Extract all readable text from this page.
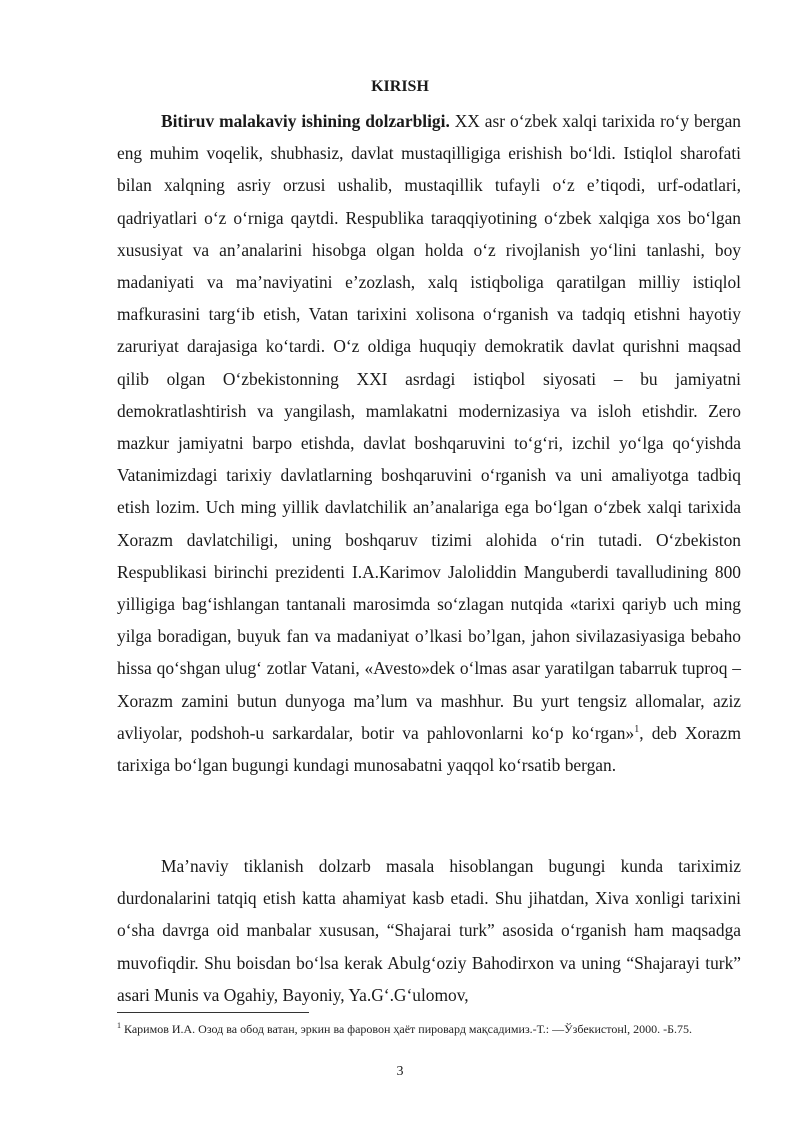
KIRISH

Bitiruv malakaviy ishining dolzarbligi. XX asr oʻzbek xalqi tarixida roʻy bergan eng muhim voqelik, shubhasiz, davlat mustaqilligiga erishish boʻldi. Istiqlol sharofati bilan xalqning asriy orzusi ushalib, mustaqillik tufayli oʻz eʼtiqodi, urf-odatlari, qadriyatlari oʻz oʻrniga qaytdi. Respublika taraqqiyotining oʻzbek xalqiga xos boʻlgan xususiyat va anʼanalarini hisobga olgan holda oʻz rivojlanish yoʻlini tanlashi, boy madaniyati va maʼnaviyatini eʼzozlash, xalq istiqboliga qaratilgan milliy istiqlol mafkurasini targʻib etish, Vatan tarixini xolisona oʻrganish va tadqiq etishni hayotiy zaruriyat darajasiga koʻtardi. Oʻz oldiga huquqiy demokratik davlat qurishni maqsad qilib olgan Oʻzbekistonning XXI asrdagi istiqbol siyosati – bu jamiyatni demokratlashtirish va yangilash, mamlakatni modernizasiya va isloh etishdir. Zero mazkur jamiyatni barpo etishda, davlat boshqaruvini toʻgʻri, izchil yoʻlga qoʻyishda Vatanimizdagi tarixiy davlatlarning boshqaruvini oʻrganish va uni amaliyotga tadbiq etish lozim. Uch ming yillik davlatchilik anʼanalariga ega boʻlgan oʻzbek xalqi tarixida Xorazm davlatchiligi, uning boshqaruv tizimi alohida oʻrin tutadi. Oʻzbekiston Respublikasi birinchi prezidenti I.A.Karimov Jaloliddin Manguberdi tavalludining 800 yilligiga bagʻishlangan tantanali marosimda soʻzlagan nutqida «tarixi qariyb uch ming yilga boradigan, buyuk fan va madaniyat oʼlkasi boʼlgan, jahon sivilazasiyasiga bebaho hissa qoʻshgan ulugʻ zotlar Vatani, «Avesto»dek oʻlmas asar yaratilgan tabarruk tuproq – Xorazm zamini butun dunyoga maʼlum va mashhur. Bu yurt tengsiz allomalar, aziz avliyolar, podshoh-u sarkardalar, botir va pahlovonlarni koʻp koʻrgan»$^1$, deb Xorazm tarixiga boʻlgan bugungi kundagi munosabatni yaqqol koʻrsatib bergan.

Maʼnaviy tiklanish dolzarb masala hisoblangan bugungi kunda tariximiz durdonalarini tatqiq etish katta ahamiyat kasb etadi. Shu jihatdan, Xiva xonligi tarixini oʻsha davrga oid manbalar xususan, “Shajarai turk” asosida oʻrganish ham maqsadga muvofiqdir. Shu boisdan boʻlsa kerak Abulgʻoziy Bahodirxon va uning “Shajarayi turk” asari Munis va Ogahiy, Bayoniy, Ya.Gʻ.Gʻulomov,

$^1$ Каримов И.А. Озод ва обод ватан, эркин ва фаровон ҳаёт пировард мақсадимиз.-Т.: —Ўзбекистонl, 2000. -Б.75.
3
